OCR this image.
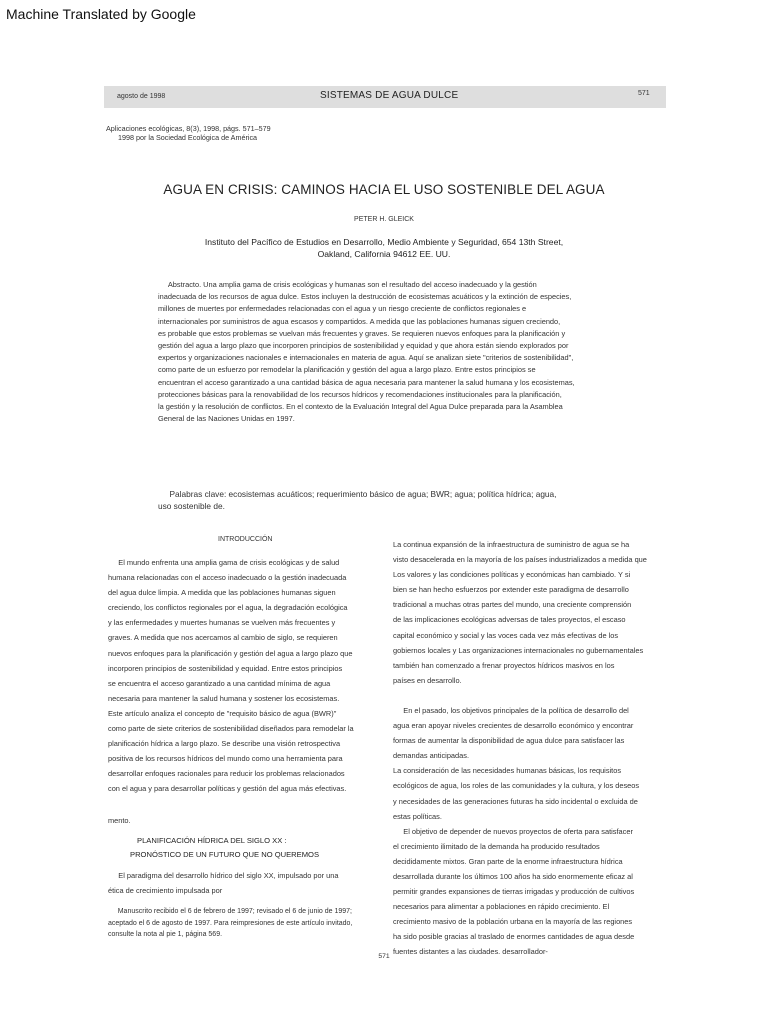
Machine Translated by Google
agosto de 1998	SISTEMAS DE AGUA DULCE	571
Aplicaciones ecológicas, 8(3), 1998, págs. 571–579
1998 por la Sociedad Ecológica de América
AGUA EN CRISIS: CAMINOS HACIA EL USO SOSTENIBLE DEL AGUA
PETER H. GLEICK
Instituto del Pacífico de Estudios en Desarrollo, Medio Ambiente y Seguridad, 654 13th Street,
Oakland, California 94612 EE. UU.
Abstracto. Una amplia gama de crisis ecológicas y humanas son el resultado del acceso inadecuado y la gestión
inadecuada de los recursos de agua dulce. Estos incluyen la destrucción de ecosistemas acuáticos y la extinción de especies,
millones de muertes por enfermedades relacionadas con el agua y un riesgo creciente de conflictos regionales e
internacionales por suministros de agua escasos y compartidos. A medida que las poblaciones humanas siguen creciendo,
es probable que estos problemas se vuelvan más frecuentes y graves. Se requieren nuevos enfoques para la planificación y
gestión del agua a largo plazo que incorporen principios de sostenibilidad y equidad y que ahora están siendo explorados por
expertos y organizaciones nacionales e internacionales en materia de agua. Aquí se analizan siete "criterios de sostenibilidad",
como parte de un esfuerzo por remodelar la planificación y gestión del agua a largo plazo. Entre estos principios se
encuentran el acceso garantizado a una cantidad básica de agua necesaria para mantener la salud humana y los ecosistemas,
protecciones básicas para la renovabilidad de los recursos hídricos y recomendaciones institucionales para la planificación,
la gestión y la resolución de conflictos. En el contexto de la Evaluación Integral del Agua Dulce preparada para la Asamblea
General de las Naciones Unidas en 1997.
Palabras clave: ecosistemas acuáticos; requerimiento básico de agua; BWR; agua; política hídrica; agua,
uso sostenible de.
INTRODUCCIÓN
El mundo enfrenta una amplia gama de crisis ecológicas y de salud
humana relacionadas con el acceso inadecuado o la gestión inadecuada
del agua dulce limpia. A medida que las poblaciones humanas siguen
creciendo, los conflictos regionales por el agua, la degradación ecológica
y las enfermedades y muertes humanas se vuelven más frecuentes y
graves. A medida que nos acercamos al cambio de siglo, se requieren
nuevos enfoques para la planificación y gestión del agua a largo plazo que
incorporen principios de sostenibilidad y equidad. Entre estos principios
se encuentra el acceso garantizado a una cantidad mínima de agua
necesaria para mantener la salud humana y sostener los ecosistemas.
Este artículo analiza el concepto de "requisito básico de agua (BWR)"
como parte de siete criterios de sostenibilidad diseñados para remodelar la
planificación hídrica a largo plazo. Se describe una visión retrospectiva
positiva de los recursos hídricos del mundo como una herramienta para
desarrollar enfoques racionales para reducir los problemas relacionados
con el agua y para desarrollar políticas y gestión del agua más efectivas.
mento.
PLANIFICACIÓN HÍDRICA DEL SIGLO XX :
PRONÓSTICO DE UN FUTURO QUE NO QUEREMOS
El paradigma del desarrollo hídrico del siglo XX, impulsado por una
ética de crecimiento impulsada por
Manuscrito recibido el 6 de febrero de 1997; revisado el 6 de junio de 1997;
aceptado el 6 de agosto de 1997. Para reimpresiones de este artículo invitado,
consulte la nota al pie 1, página 569.
La continua expansión de la infraestructura de suministro de agua se ha
visto desacelerada en la mayoría de los países industrializados a medida que
Los valores y las condiciones políticas y económicas han cambiado. Y si
bien se han hecho esfuerzos por extender este paradigma de desarrollo
tradicional a muchas otras partes del mundo, una creciente comprensión
de las implicaciones ecológicas adversas de tales proyectos, el escaso
capital económico y social y las voces cada vez más efectivas de los
gobiernos locales y Las organizaciones internacionales no gubernamentales
también han comenzado a frenar proyectos hídricos masivos en los
países en desarrollo.
En el pasado, los objetivos principales de la política de desarrollo del
agua eran apoyar niveles crecientes de desarrollo económico y encontrar
formas de aumentar la disponibilidad de agua dulce para satisfacer las
demandas anticipadas.
La consideración de las necesidades humanas básicas, los requisitos
ecológicos de agua, los roles de las comunidades y la cultura, y los deseos
y necesidades de las generaciones futuras ha sido incidental o excluida de
estas políticas.
El objetivo de depender de nuevos proyectos de oferta para satisfacer
el crecimiento ilimitado de la demanda ha producido resultados
decididamente mixtos. Gran parte de la enorme infraestructura hídrica
desarrollada durante los últimos 100 años ha sido enormemente eficaz al
permitir grandes expansiones de tierras irrigadas y producción de cultivos
necesarios para alimentar a poblaciones en rápido crecimiento. El
crecimiento masivo de la población urbana en la mayoría de las regiones
ha sido posible gracias al traslado de enormes cantidades de agua desde
fuentes distantes a las ciudades. desarrollador-
571
